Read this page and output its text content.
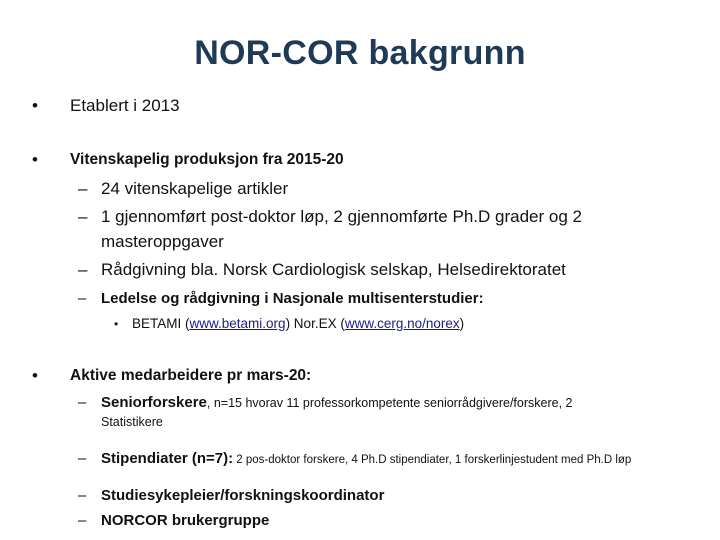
NOR-COR bakgrunn
• Etablert i 2013
• Vitenskapelig produksjon fra 2015-20
– 24 vitenskapelige artikler
– 1 gjennomført post-doktor løp, 2 gjennomførte Ph.D grader og 2
masteroppgaver
– Rådgivning bla. Norsk Cardiologisk selskap, Helsedirektoratet
– Ledelse og rådgivning i Nasjonale multisenterstudier:
• BETAMI (www.betami.org) Nor.EX (www.cerg.no/norex)
• Aktive medarbeidere pr mars-20:
– Seniorforskere, n=15 hvorav 11 professorkompetente seniorrådgivere/forskere, 2
Statistikere
– Stipendiater (n=7): 2 pos-doktor forskere, 4 Ph.D stipendiater, 1 forskerlinjestudent med Ph.D løp
– Studiesykepleier/forskningskoordinator
– NORCOR brukergruppe
